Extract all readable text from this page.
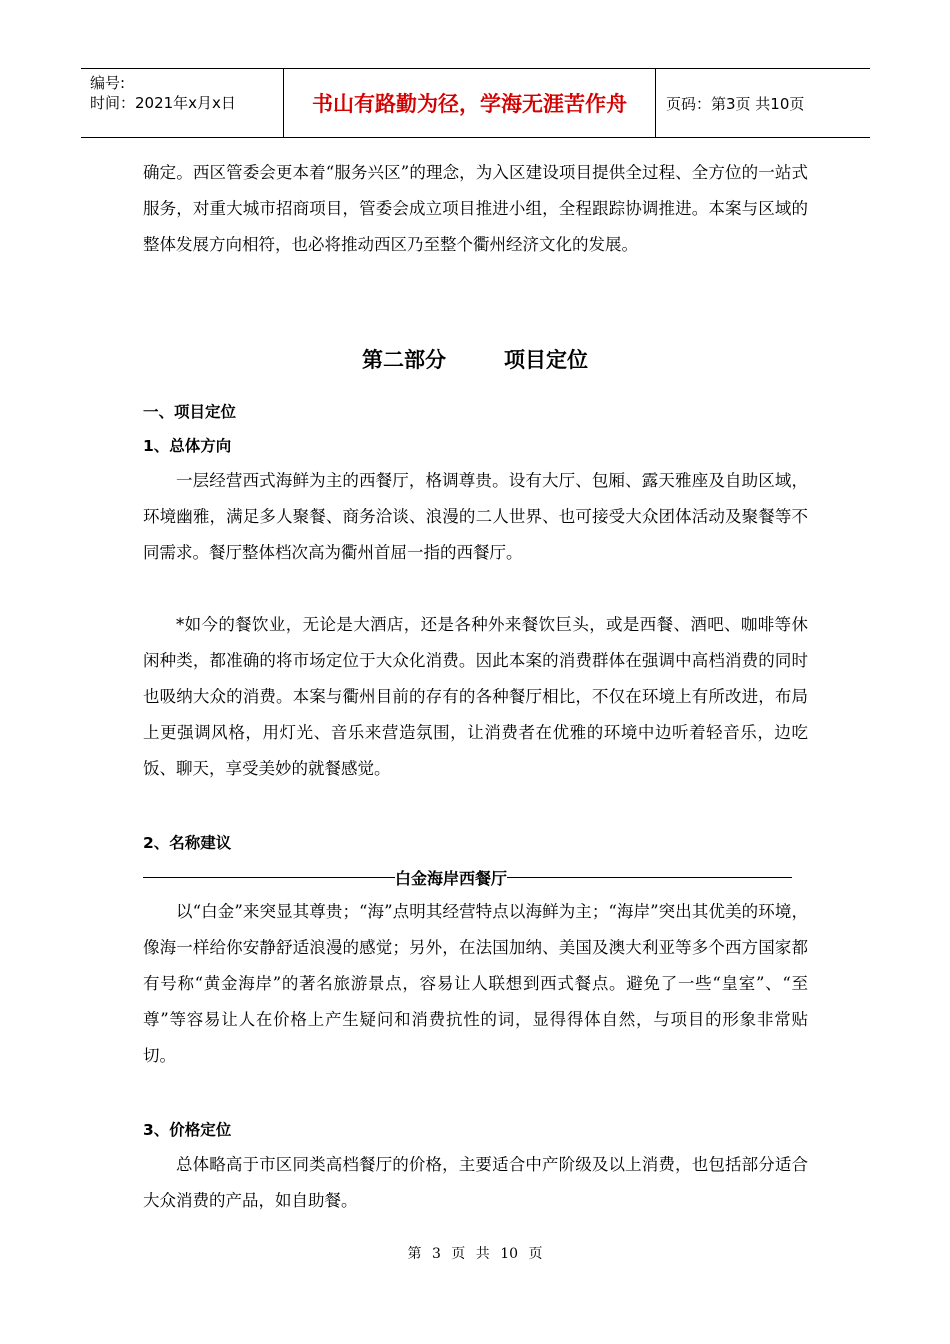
编号:
时间：2021年x月x日	书山有路勤为径，学海无涯苦作舟	页码：第3页 共10页

确定。西区管委会更本着“服务兴区”的理念，为入区建设项目提供全过程、全方位的一站式服务，对重大城市招商项目，管委会成立项目推进小组，全程跟踪协调推进。本案与区域的整体发展方向相符，也必将推动西区乃至整个衢州经济文化的发展。

第二部分	项目定位
一、项目定位
1、总体方向

一层经营西式海鲜为主的西餐厅，格调尊贵。设有大厅、包厢、露天雅座及自助区域，环境幽雅，满足多人聚餐、商务洽谈、浪漫的二人世界、也可接受大众团体活动及聚餐等不同需求。餐厅整体档次高为衢州首屈一指的西餐厅。

*如今的餐饮业，无论是大酒店，还是各种外来餐饮巨头，或是西餐、酒吧、咖啡等休闲种类，都准确的将市场定位于大众化消费。因此本案的消费群体在强调中高档消费的同时也吸纳大众的消费。本案与衢州目前的存有的各种餐厅相比，不仅在环境上有所改进，布局上更强调风格，用灯光、音乐来营造氛围，让消费者在优雅的环境中边听着轻音乐，边吃饭、聊天，享受美妙的就餐感觉。

2、名称建议
白金海岸西餐厅

以“白金”来突显其尊贵；“海”点明其经营特点以海鲜为主；“海岸”突出其优美的环境，像海一样给你安静舒适浪漫的感觉；另外，在法国加纳、美国及澳大利亚等多个西方国家都有号称“黄金海岸”的著名旅游景点，容易让人联想到西式餐点。避免了一些“皇室”、“至尊”等容易让人在价格上产生疑问和消费抗性的词，显得得体自然，与项目的形象非常贴切。

3、价格定位

总体略高于市区同类高档餐厅的价格，主要适合中产阶级及以上消费，也包括部分适合大众消费的产品，如自助餐。

第 3 页 共 10 页
